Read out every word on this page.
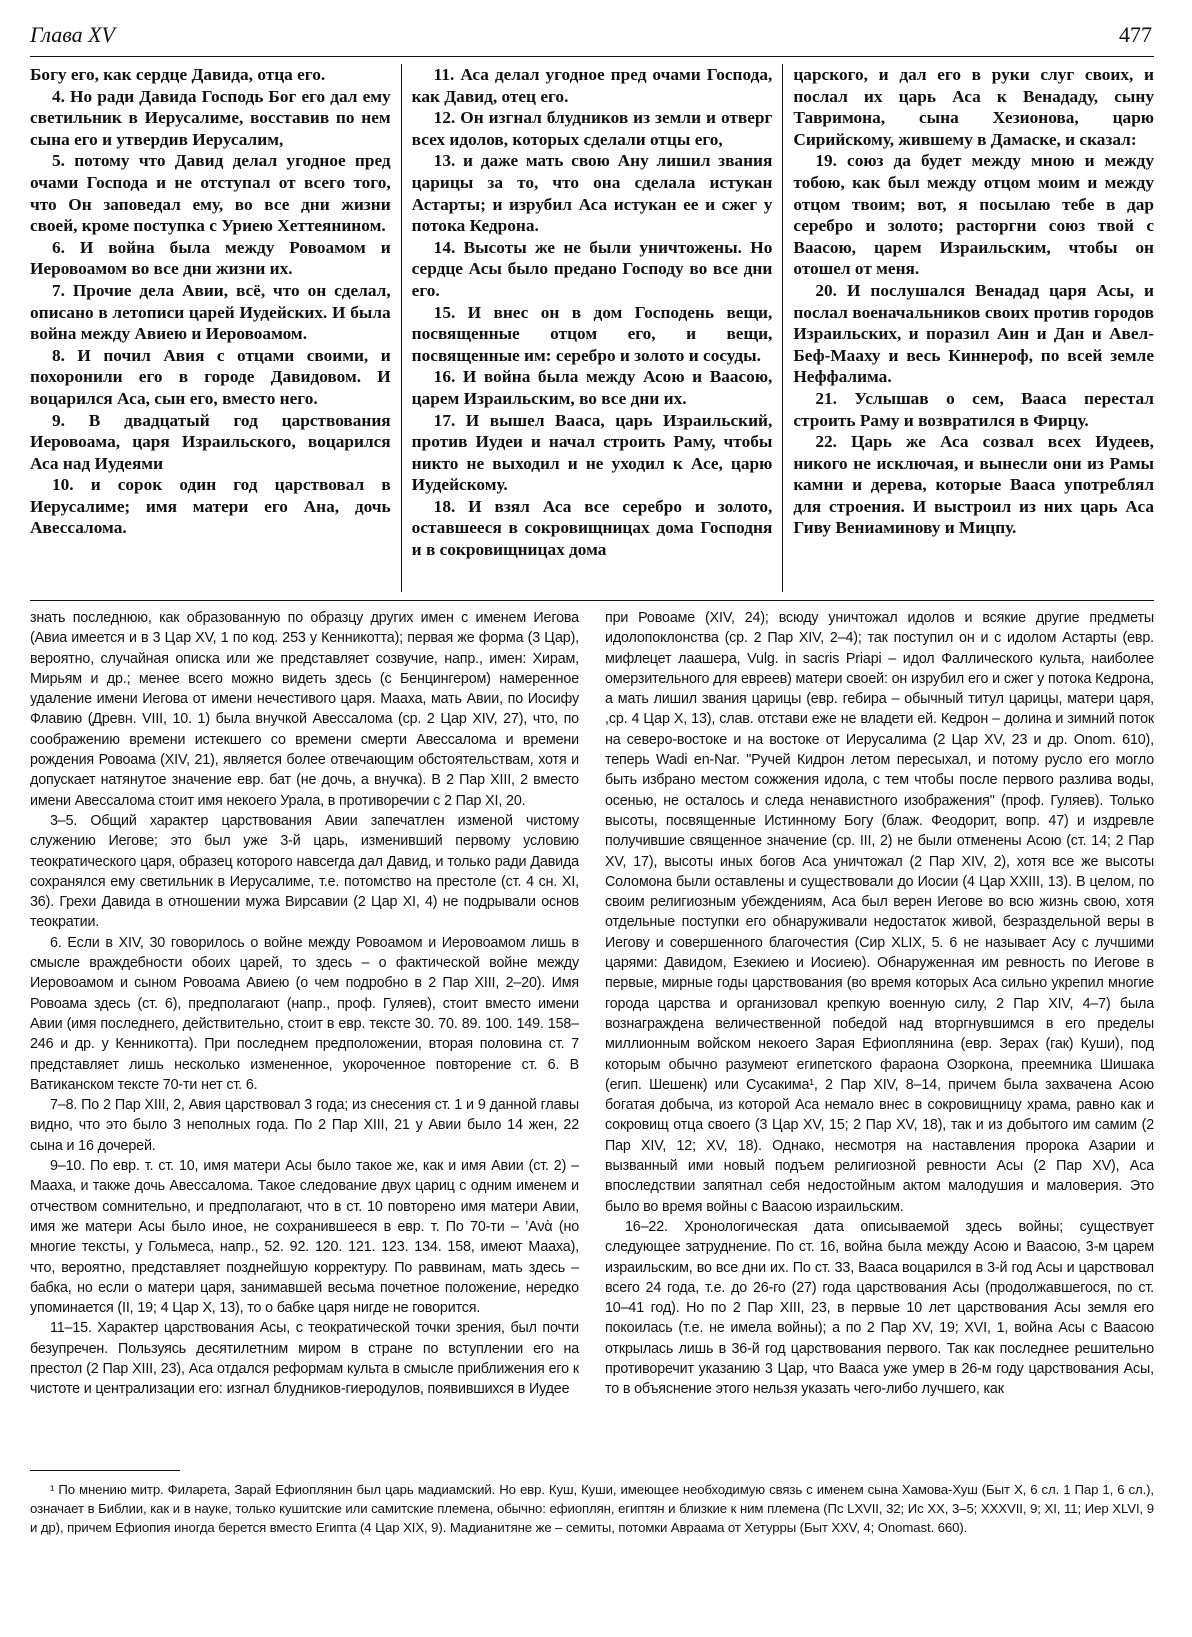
Глава XV	477

Богу его, как сердце Давида, отца его.

4. Но ради Давида Господь Бог его дал ему светильник в Иерусалиме, восставив по нем сына его и утвердив Иерусалим,

5. потому что Давид делал угодное пред очами Господа и не отступал от всего того, что Он заповедал ему, во все дни жизни своей, кроме поступка с Уриею Хеттеянином.

6. И война была между Ровоамом и Иеровоамом во все дни жизни их.

7. Прочие дела Авии, всё, что он сделал, описано в летописи царей Иудейских. И была война между Авиею и Иеровоамом.

8. И почил Авия с отцами своими, и похоронили его в городе Давидовом. И воцарился Аса, сын его, вместо него.

9. В двадцатый год царствования Иеровоама, царя Израильского, воцарился Аса над Иудеями

10. и сорок один год царствовал в Иерусалиме; имя матери его Ана, дочь Авессалома.

11. Аса делал угодное пред очами Господа, как Давид, отец его.

12. Он изгнал блудников из земли и отверг всех идолов, которых сделали отцы его,

13. и даже мать свою Ану лишил звания царицы за то, что она сделала истукан Астарты; и изрубил Аса истукан ее и сжег у потока Кедрона.

14. Высоты же не были уничтожены. Но сердце Асы было предано Господу во все дни его.

15. И внес он в дом Господень вещи, посвященные отцом его, и вещи, посвященные им: серебро и золото и сосуды.

16. И война была между Асою и Ваасою, царем Израильским, во все дни их.

17. И вышел Вааса, царь Израильский, против Иудеи и начал строить Раму, чтобы никто не выходил и не уходил к Асе, царю Иудейскому.

18. И взял Аса все серебро и золото, оставшееся в сокровищницах дома Господня и в сокровищницах дома

царского, и дал его в руки слуг своих, и послал их царь Аса к Венададу, сыну Тавримона, сына Хезионова, царю Сирийскому, жившему в Дамаске, и сказал:

19. союз да будет между мною и между тобою, как был между отцом моим и между отцом твоим; вот, я посылаю тебе в дар серебро и золото; расторгни союз твой с Ваасою, царем Израильским, чтобы он отошел от меня.

20. И послушался Венадад царя Асы, и послал военачальников своих против городов Израильских, и поразил Аин и Дан и Авел-Беф-Мааху и весь Киннероф, по всей земле Неффалима.

21. Услышав о сем, Вааса перестал строить Раму и возвратился в Фирцу.

22. Царь же Аса созвал всех Иудеев, никого не исключая, и вынесли они из Рамы камни и дерева, которые Вааса употреблял для строения. И выстроил из них царь Аса Гиву Вениаминову и Мицпу.

знать последнюю, как образованную по образцу других имен с именем Иегова (Авиа имеется и в 3 Цар XV, 1 по код. 253 у Кенникотта); первая же форма (3 Цар), вероятно, случайная описка или же представляет созвучие, напр., имен: Хирам, Мирьям и др.; менее всего можно видеть здесь (с Бенцингером) намеренное удаление имени Иегова от имени нечестивого царя. Мааха, мать Авии, по Иосифу Флавию (Древн. VIII, 10. 1) была внучкой Авессалома (ср. 2 Цар XIV, 27), что, по соображению времени истекшего со времени смерти Авессалома и времени рождения Ровоама (XIV, 21), является более отвечающим обстоятельствам, хотя и допускает натянутое значение евр. бат (не дочь, а внучка). В 2 Пар XIII, 2 вместо имени Авессалома стоит имя некоего Урала, в противоречии с 2 Пар XI, 20.

3–5. Общий характер царствования Авии запечатлен изменой чистому служению Иегове; это был уже 3-й царь, изменивший первому условию теократического царя, образец которого навсегда дал Давид, и только ради Давида сохранялся ему светильник в Иерусалиме, т.е. потомство на престоле (ст. 4 сн. XI, 36). Грехи Давида в отношении мужа Вирсавии (2 Цар XI, 4) не подрывали основ теократии.

6. Если в XIV, 30 говорилось о войне между Ровоамом и Иеровоамом лишь в смысле враждебности обоих царей, то здесь – о фактической войне между Иеровоамом и сыном Ровоама Авиею (о чем подробно в 2 Пар XIII, 2–20). Имя Ровоама здесь (ст. 6), предполагают (напр., проф. Гуляев), стоит вместо имени Авии (имя последнего, действительно, стоит в евр. тексте 30. 70. 89. 100. 149. 158–246 и др. у Кенникотта). При последнем предположении, вторая половина ст. 7 представляет лишь несколько измененное, укороченное повторение ст. 6. В Ватиканском тексте 70-ти нет ст. 6.

7–8. По 2 Пар XIII, 2, Авия царствовал 3 года; из снесения ст. 1 и 9 данной главы видно, что это было 3 неполных года. По 2 Пар XIII, 21 у Авии было 14 жен, 22 сына и 16 дочерей.

9–10. По евр. т. ст. 10, имя матери Асы было такое же, как и имя Авии (ст. 2) – Мааха, и также дочь Авессалома. Такое следование двух цариц с одним именем и отчеством сомнительно, и предполагают, что в ст. 10 повторено имя матери Авии, имя же матери Асы было иное, не сохранившееся в евр. т. По 70-ти – ’Ανὰ (но многие тексты, у Гольмеса, напр., 52. 92. 120. 121. 123. 134. 158, имеют Мааха), что, вероятно, представляет позднейшую корректуру. По раввинам, мать здесь – бабка, но если о матери царя, занимавшей весьма почетное положение, нередко упоминается (II, 19; 4 Цар X, 13), то о бабке царя нигде не говорится.

11–15. Характер царствования Асы, с теократической точки зрения, был почти безупречен. Пользуясь десятилетним миром в стране по вступлении его на престол (2 Пар XIII, 23), Аса отдался реформам культа в смысле приближения его к чистоте и централизации его: изгнал блудников-гиеродулов, появившихся в Иудее

при Ровоаме (XIV, 24); всюду уничтожал идолов и всякие другие предметы идолопоклонства (ср. 2 Пар XIV, 2–4); так поступил он и с идолом Астарты (евр. мифлецет лаашера, Vulg. in sacris Priapi – идол Фаллического культа, наиболее омерзительного для евреев) матери своей: он изрубил его и сжег у потока Кедрона, а мать лишил звания царицы (евр. гебира – обычный титул царицы, матери царя, ,ср. 4 Цар X, 13), слав. отстави еже не владети ей. Кедрон – долина и зимний поток на северо-востоке и на востоке от Иерусалима (2 Цар XV, 23 и др. Onom. 610), теперь Wadi en-Nar. "Ручей Кидрон летом пересыхал, и потому русло его могло быть избрано местом сожжения идола, с тем чтобы после первого разлива воды, осенью, не осталось и следа ненавистного изображения" (проф. Гуляев). Только высоты, посвященные Истинному Богу (блаж. Феодорит, вопр. 47) и издревле получившие священное значение (ср. III, 2) не были отменены Асою (ст. 14; 2 Пар XV, 17), высоты иных богов Аса уничтожал (2 Пар XIV, 2), хотя все же высоты Соломона были оставлены и существовали до Иосии (4 Цар XXIII, 13). В целом, по своим религиозным убеждениям, Аса был верен Иегове во всю жизнь свою, хотя отдельные поступки его обнаруживали недостаток живой, безраздельной веры в Иегову и совершенного благочестия (Сир XLIX, 5. 6 не называет Асу с лучшими царями: Давидом, Езекиею и Иосиею). Обнаруженная им ревность по Иегове в первые, мирные годы царствования (во время которых Аса сильно укрепил многие города царства и организовал крепкую военную силу, 2 Пар XIV, 4–7) была вознаграждена величественной победой над вторгнувшимся в его пределы миллионным войском некоего Зарая Ефиоплянина (евр. Зерах (гак) Куши), под которым обычно разумеют египетского фараона Озоркона, преемника Шишака (егип. Шешенк) или Сусакима¹, 2 Пар XIV, 8–14, причем была захвачена Асою богатая добыча, из которой Аса немало внес в сокровищницу храма, равно как и сокровищ отца своего (3 Цар XV, 15; 2 Пар XV, 18), так и из добытого им самим (2 Пар XIV, 12; XV, 18). Однако, несмотря на наставления пророка Азарии и вызванный ими новый подъем религиозной ревности Асы (2 Пар XV), Аса впоследствии запятнал себя недостойным актом малодушия и маловерия. Это было во время войны с Ваасою израильским.

16–22. Хронологическая дата описываемой здесь войны; существует следующее затруднение. По ст. 16, война была между Асою и Ваасою, 3-м царем израильским, во все дни их. По ст. 33, Вааса воцарился в 3-й год Асы и царствовал всего 24 года, т.е. до 26-го (27) года царствования Асы (продолжавшегося, по ст. 10–41 год). Но по 2 Пар XIII, 23, в первые 10 лет царствования Асы земля его покоилась (т.е. не имела войны); а по 2 Пар XV, 19; XVI, 1, война Асы с Ваасою открылась лишь в 36-й год царствования первого. Так как последнее решительно противоречит указанию 3 Цар, что Вааса уже умер в 26-м году царствования Асы, то в объяснение этого нельзя указать чего-либо лучшего, как

¹ По мнению митр. Филарета, Зарай Ефиоплянин был царь мадиамский. Но евр. Куш, Куши, имеющее необходимую связь с именем сына Хамова-Хуш (Быт X, 6 сл. 1 Пар 1, 6 сл.), означает в Библии, как и в науке, только кушитские или самитские племена, обычно: ефиоплян, египтян и близкие к ним племена (Пс LXVII, 32; Ис XX, 3–5; XXXVII, 9; XI, 11; Иер XLVI, 9 и др), причем Ефиопия иногда берется вместо Египта (4 Цар XIX, 9). Мадианитяне же – семиты, потомки Авраама от Хетурры (Быт XXV, 4; Onomast. 660).
